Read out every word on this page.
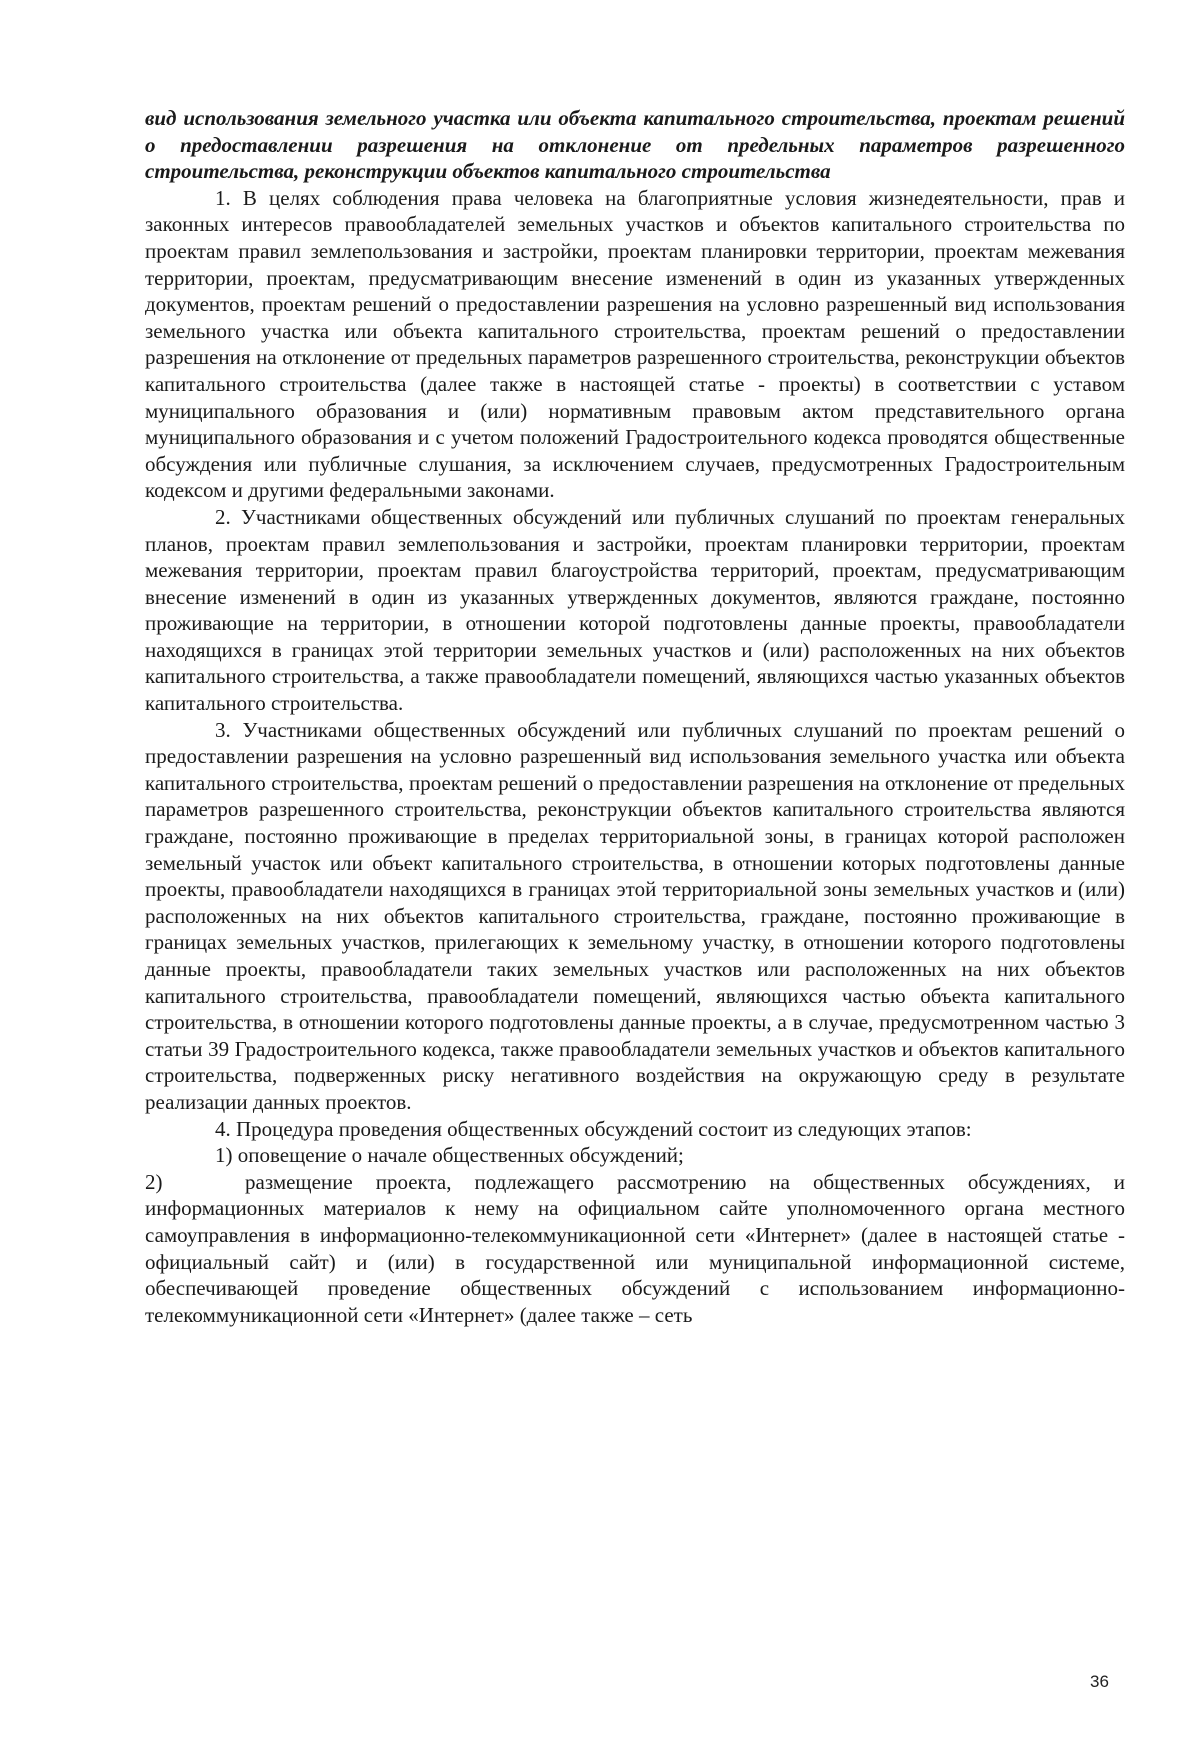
вид использования земельного участка или объекта капитального строительства, проектам решений о предоставлении разрешения на отклонение от предельных параметров разрешенного строительства, реконструкции объектов капитального строительства

1. В целях соблюдения права человека на благоприятные условия жизнедеятельности, прав и законных интересов правообладателей земельных участков и объектов капитального строительства по проектам правил землепользования и застройки, проектам планировки территории, проектам межевания территории, проектам, предусматривающим внесение изменений в один из указанных утвержденных документов, проектам решений о предоставлении разрешения на условно разрешенный вид использования земельного участка или объекта капитального строительства, проектам решений о предоставлении разрешения на отклонение от предельных параметров разрешенного строительства, реконструкции объектов капитального строительства (далее также в настоящей статье - проекты) в соответствии с уставом муниципального образования и (или) нормативным правовым актом представительного органа муниципального образования и с учетом положений Градостроительного кодекса проводятся общественные обсуждения или публичные слушания, за исключением случаев, предусмотренных Градостроительным кодексом и другими федеральными законами.

2. Участниками общественных обсуждений или публичных слушаний по проектам генеральных планов, проектам правил землепользования и застройки, проектам планировки территории, проектам межевания территории, проектам правил благоустройства территорий, проектам, предусматривающим внесение изменений в один из указанных утвержденных документов, являются граждане, постоянно проживающие на территории, в отношении которой подготовлены данные проекты, правообладатели находящихся в границах этой территории земельных участков и (или) расположенных на них объектов капитального строительства, а также правообладатели помещений, являющихся частью указанных объектов капитального строительства.

3. Участниками общественных обсуждений или публичных слушаний по проектам решений о предоставлении разрешения на условно разрешенный вид использования земельного участка или объекта капитального строительства, проектам решений о предоставлении разрешения на отклонение от предельных параметров разрешенного строительства, реконструкции объектов капитального строительства являются граждане, постоянно проживающие в пределах территориальной зоны, в границах которой расположен земельный участок или объект капитального строительства, в отношении которых подготовлены данные проекты, правообладатели находящихся в границах этой территориальной зоны земельных участков и (или) расположенных на них объектов капитального строительства, граждане, постоянно проживающие в границах земельных участков, прилегающих к земельному участку, в отношении которого подготовлены данные проекты, правообладатели таких земельных участков или расположенных на них объектов капитального строительства, правообладатели помещений, являющихся частью объекта капитального строительства, в отношении которого подготовлены данные проекты, а в случае, предусмотренном частью 3 статьи 39 Градостроительного кодекса, также правообладатели земельных участков и объектов капитального строительства, подверженных риску негативного воздействия на окружающую среду в результате реализации данных проектов.

4. Процедура проведения общественных обсуждений состоит из следующих этапов:

1) оповещение о начале общественных обсуждений;

2)	размещение проекта, подлежащего рассмотрению на общественных обсуждениях, и информационных материалов к нему на официальном сайте уполномоченного органа местного самоуправления в информационно-телекоммуникационной сети «Интернет» (далее в настоящей статье - официальный сайт) и (или) в государственной или муниципальной информационной системе, обеспечивающей проведение общественных обсуждений с использованием информационно-телекоммуникационной сети «Интернет» (далее также – сеть

36
